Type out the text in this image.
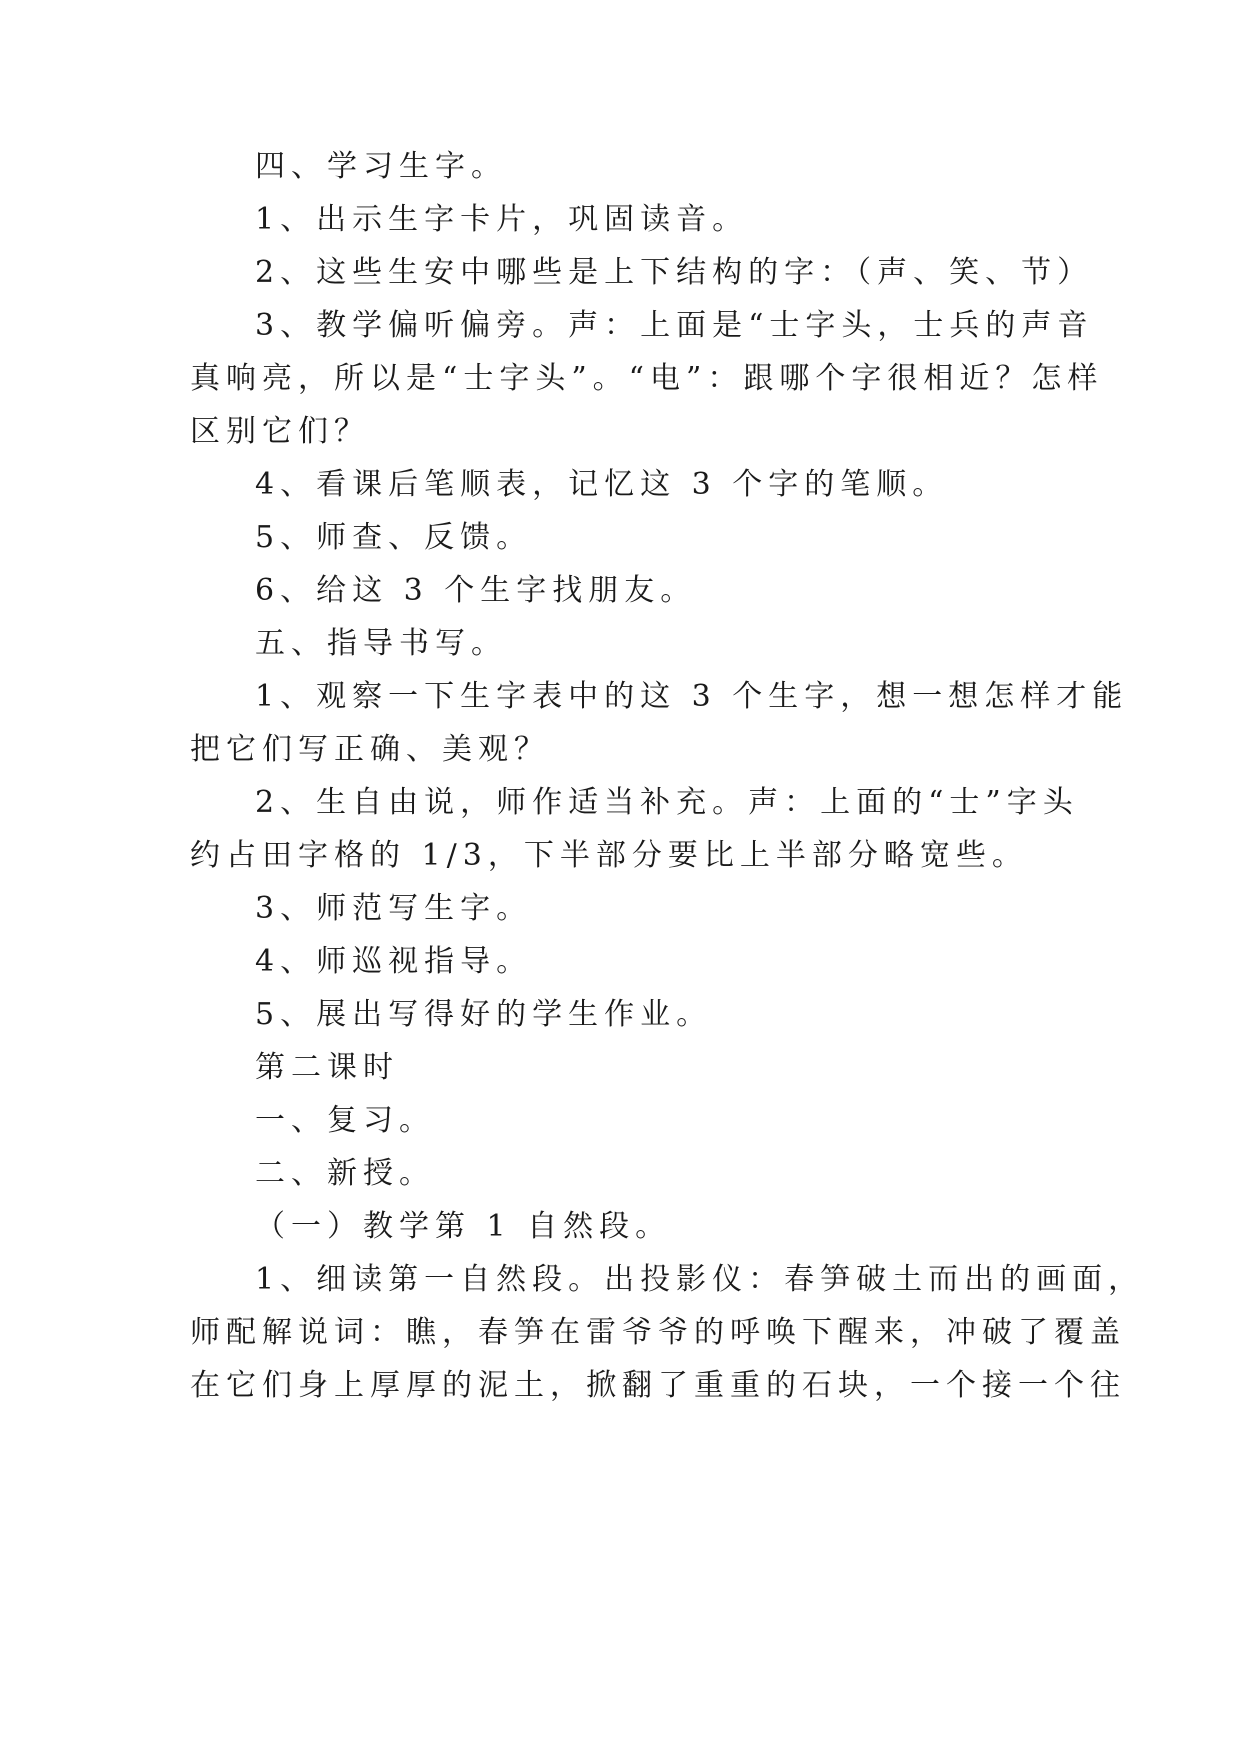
四、学习生字。
1、出示生字卡片，巩固读音。
2、这些生安中哪些是上下结构的字：（声、笑、节）
3、教学偏听偏旁。声：上面是“士字头，士兵的声音
真响亮，所以是“士字头”。“电”：跟哪个字很相近？怎样
区别它们？
4、看课后笔顺表，记忆这 3 个字的笔顺。
5、师查、反馈。
6、给这 3 个生字找朋友。
五、指导书写。
1、观察一下生字表中的这 3 个生字，想一想怎样才能
把它们写正确、美观？
2、生自由说，师作适当补充。声：上面的“士”字头
约占田字格的 1/3，下半部分要比上半部分略宽些。
3、师范写生字。
4、师巡视指导。
5、展出写得好的学生作业。
第二课时
一、复习。
二、新授。
（一）教学第 1 自然段。
1、细读第一自然段。出投影仪：春笋破土而出的画面，
师配解说词：瞧，春笋在雷爷爷的呼唤下醒来，冲破了覆盖
在它们身上厚厚的泥土，掀翻了重重的石块，一个接一个往
